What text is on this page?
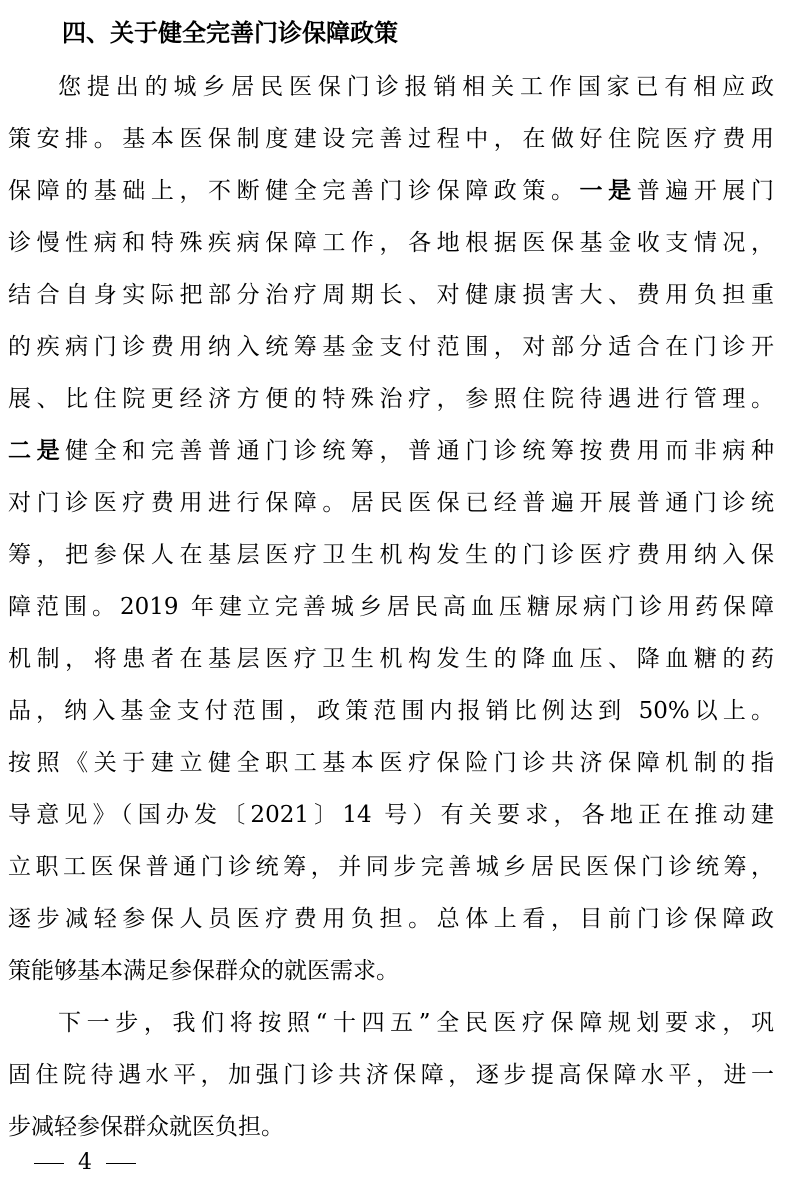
四、关于健全完善门诊保障政策
您提出的城乡居民医保门诊报销相关工作国家已有相应政
策安排。基本医保制度建设完善过程中，在做好住院医疗费用
保障的基础上，不断健全完善门诊保障政策。一是普遍开展门
诊慢性病和特殊疾病保障工作，各地根据医保基金收支情况，
结合自身实际把部分治疗周期长、对健康损害大、费用负担重
的疾病门诊费用纳入统筹基金支付范围，对部分适合在门诊开
展、比住院更经济方便的特殊治疗，参照住院待遇进行管理。
二是健全和完善普通门诊统筹，普通门诊统筹按费用而非病种
对门诊医疗费用进行保障。居民医保已经普遍开展普通门诊统
筹，把参保人在基层医疗卫生机构发生的门诊医疗费用纳入保
障范围。2019 年建立完善城乡居民高血压糖尿病门诊用药保障
机制，将患者在基层医疗卫生机构发生的降血压、降血糖的药
品，纳入基金支付范围，政策范围内报销比例达到 50%以上。
按照《关于建立健全职工基本医疗保险门诊共济保障机制的指
导意见》（国办发〔2021〕14 号）有关要求，各地正在推动建
立职工医保普通门诊统筹，并同步完善城乡居民医保门诊统筹，
逐步减轻参保人员医疗费用负担。总体上看，目前门诊保障政
策能够基本满足参保群众的就医需求。
下一步，我们将按照“十四五”全民医疗保障规划要求，巩
固住院待遇水平，加强门诊共济保障，逐步提高保障水平，进一
步减轻参保群众就医负担。
4
